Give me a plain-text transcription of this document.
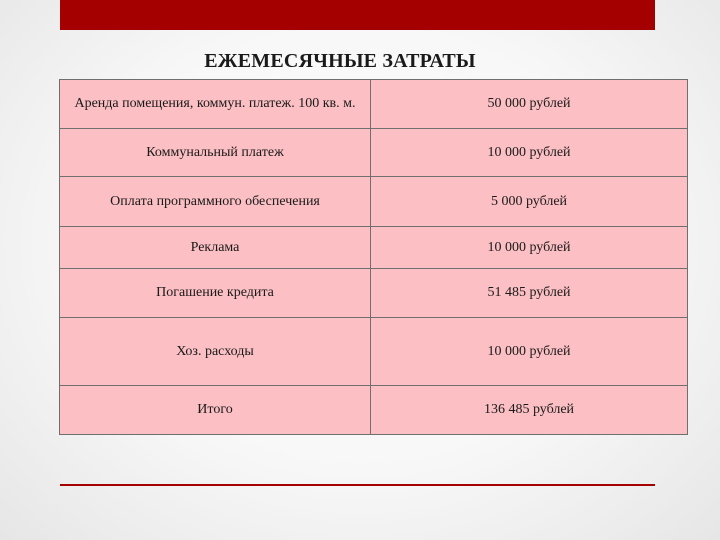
ЕЖЕМЕСЯЧНЫЕ ЗАТРАТЫ
Аренда помещения, коммун. платеж. 100 кв. м.	50 000 рублей
Коммунальный платеж	10 000 рублей
Оплата программного обеспечения	5 000 рублей
Реклама	10 000 рублей
Погашение кредита	51 485 рублей
Хоз. расходы	10 000 рублей
Итого	136 485 рублей
